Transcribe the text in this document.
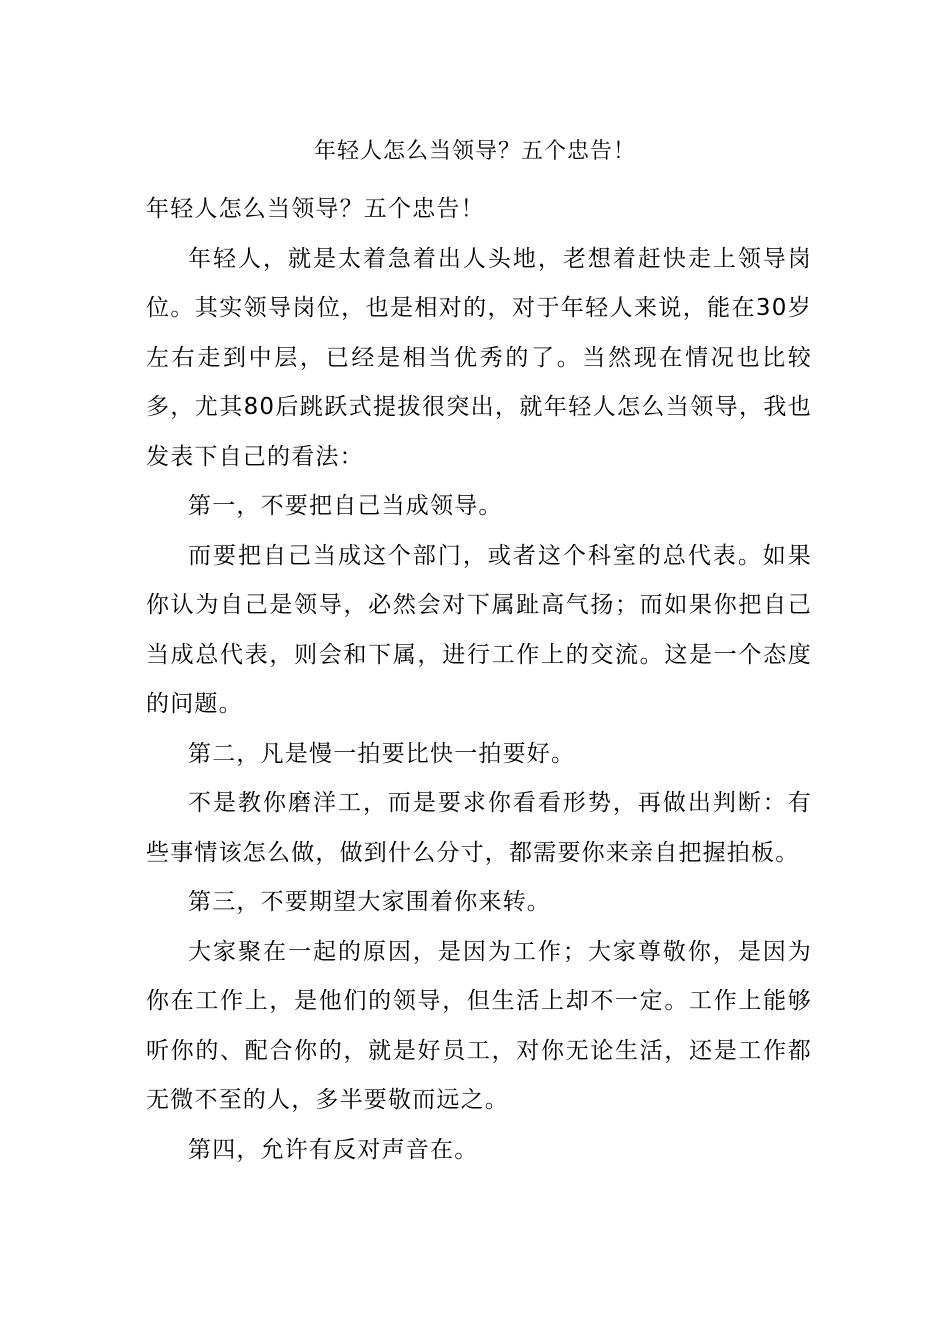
年轻人怎么当领导？五个忠告！

年轻人怎么当领导？五个忠告！

年轻人，就是太着急着出人头地，老想着赶快走上领导岗位。其实领导岗位，也是相对的，对于年轻人来说，能在30岁左右走到中层，已经是相当优秀的了。当然现在情况也比较多，尤其80后跳跃式提拔很突出，就年轻人怎么当领导，我也发表下自己的看法：

第一，不要把自己当成领导。

而要把自己当成这个部门，或者这个科室的总代表。如果你认为自己是领导，必然会对下属趾高气扬；而如果你把自己当成总代表，则会和下属，进行工作上的交流。这是一个态度的问题。

第二，凡是慢一拍要比快一拍要好。

不是教你磨洋工，而是要求你看看形势，再做出判断：有些事情该怎么做，做到什么分寸，都需要你来亲自把握拍板。

第三，不要期望大家围着你来转。

大家聚在一起的原因，是因为工作；大家尊敬你，是因为你在工作上，是他们的领导，但生活上却不一定。工作上能够听你的、配合你的，就是好员工，对你无论生活，还是工作都无微不至的人，多半要敬而远之。

第四，允许有反对声音在。
